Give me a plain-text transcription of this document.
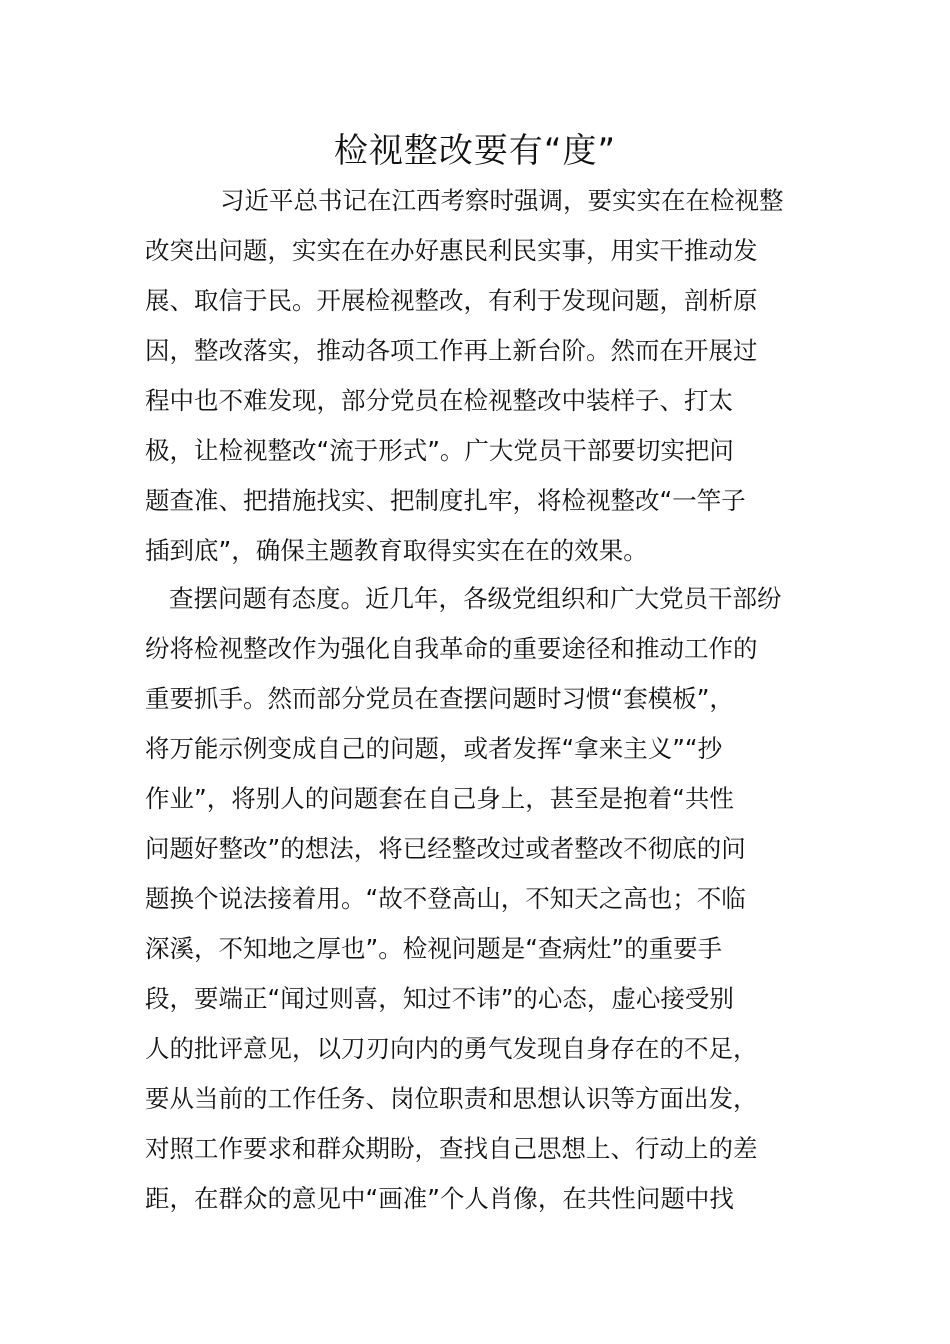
检视整改要有“度”
习近平总书记在江西考察时强调，要实实在在检视整
改突出问题，实实在在办好惠民利民实事，用实干推动发
展、取信于民。开展检视整改，有利于发现问题，剖析原
因，整改落实，推动各项工作再上新台阶。然而在开展过
程中也不难发现，部分党员在检视整改中装样子、打太
极，让检视整改“流于形式”。广大党员干部要切实把问
题查准、把措施找实、把制度扎牢，将检视整改“一竿子
插到底”，确保主题教育取得实实在在的效果。
查摆问题有态度。近几年，各级党组织和广大党员干部纷
纷将检视整改作为强化自我革命的重要途径和推动工作的
重要抓手。然而部分党员在查摆问题时习惯“套模板”，
将万能示例变成自己的问题，或者发挥“拿来主义”“抄
作业”，将别人的问题套在自己身上，甚至是抱着“共性
问题好整改”的想法，将已经整改过或者整改不彻底的问
题换个说法接着用。“故不登高山，不知天之高也；不临
深溪，不知地之厚也”。检视问题是“查病灶”的重要手
段，要端正“闻过则喜，知过不讳”的心态，虚心接受别
人的批评意见，以刀刃向内的勇气发现自身存在的不足，
要从当前的工作任务、岗位职责和思想认识等方面出发，
对照工作要求和群众期盼，查找自己思想上、行动上的差
距，在群众的意见中“画准”个人肖像，在共性问题中找
